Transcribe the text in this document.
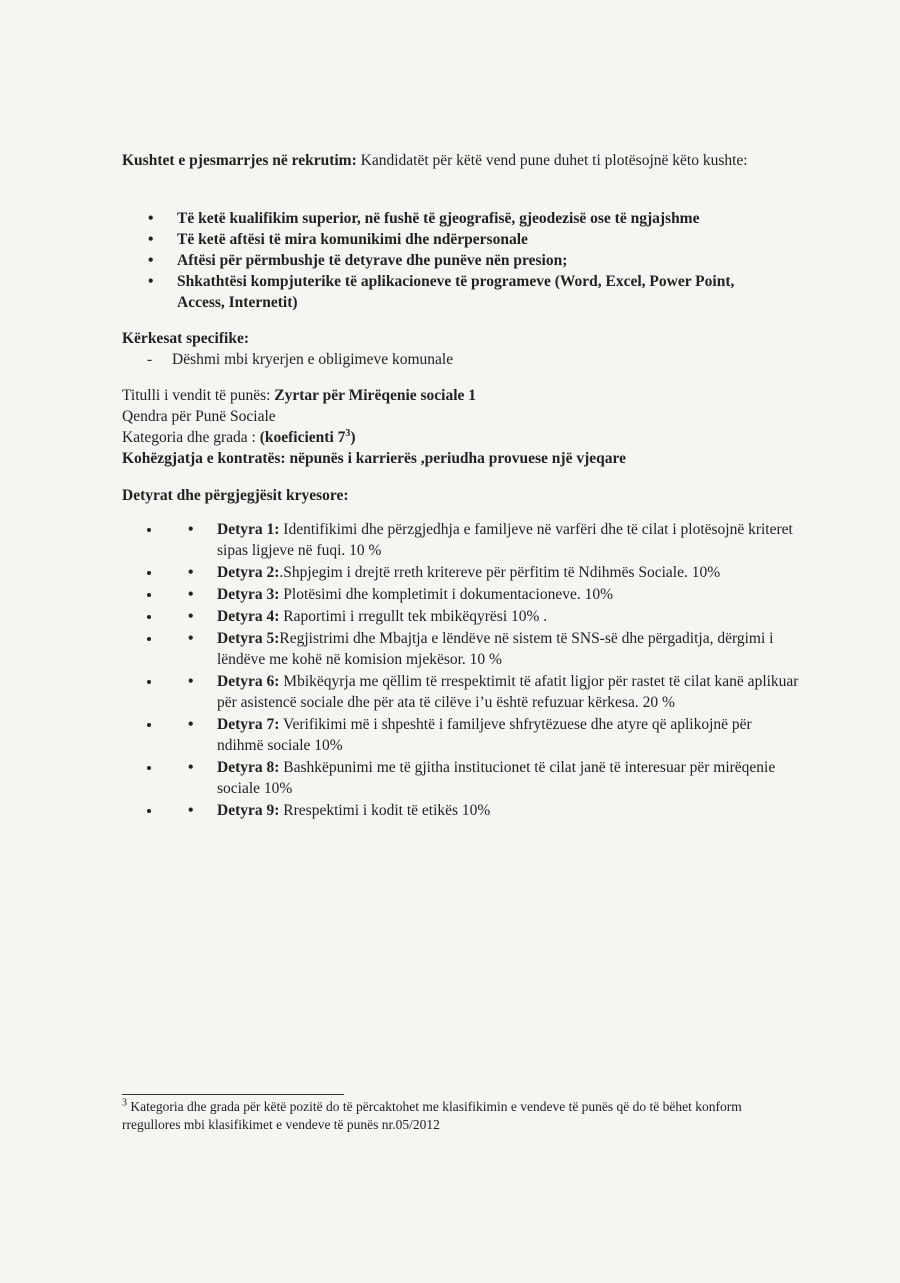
Kushtet e pjesmarrjes në rekrutim: Kandidatët për këtë vend pune duhet ti plotësojnë këto kushte:
• Të ketë kualifikim superior, në fushë të gjeografisë, gjeodezisë ose të ngjajshme
• Të ketë aftësi të mira komunikimi dhe ndërpersonale
• Aftësi për përmbushje të detyrave dhe punëve nën presion;
• Shkathtësi kompjuterike të aplikacioneve të programeve (Word, Excel, Power Point, Access, Internetit)
Kërkesat specifike:
- Dëshmi mbi kryerjen e obligimeve komunale
Titulli i vendit të punës: Zyrtar për Mirëqenie sociale 1
Qendra për Punë Sociale
Kategoria dhe grada : (koeficienti $7^3$)
Kohëzgjatja e kontratës: nëpunës i karrierës ,periudha provuese një vjeqare
Detyrat dhe përgjegjësit kryesore:
• • Detyra 1: Identifikimi dhe përzgjedhja e familjeve në varfëri dhe të cilat i plotësojnë kriteret sipas ligjeve në fuqi. 10 %
• • Detyra 2:.Shpjegim i drejtë rreth kritereve për përfitim të Ndihmës Sociale. 10%
• • Detyra 3: Plotësimi dhe kompletimit i dokumentacioneve. 10%
• • Detyra 4: Raportimi i rregullt tek mbikëqyrësi 10% .
• • Detyra 5:Regjistrimi dhe Mbajtja e lëndëve në sistem të SNS-së dhe përgaditja, dërgimi i lëndëve me kohë në komision mjekësor. 10 %
• • Detyra 6: Mbikëqyrja me qëllim të rrespektimit të afatit ligjor për rastet të cilat kanë aplikuar për asistencë sociale dhe për ata të cilëve i’u është refuzuar kërkesa. 20 %
• • Detyra 7: Verifikimi më i shpeshtë i familjeve shfrytëzuese dhe atyre që aplikojnë për ndihmë sociale 10%
• • Detyra 8: Bashkëpunimi me të gjitha institucionet të cilat janë të interesuar për mirëqenie sociale 10%
• • Detyra 9: Rrespektimi i kodit të etikës 10%
$^3$ Kategoria dhe grada për këtë pozitë do të përcaktohet me klasifikimin e vendeve të punës që do të bëhet konform rregullores mbi klasifikimet e vendeve të punës nr.05/2012
